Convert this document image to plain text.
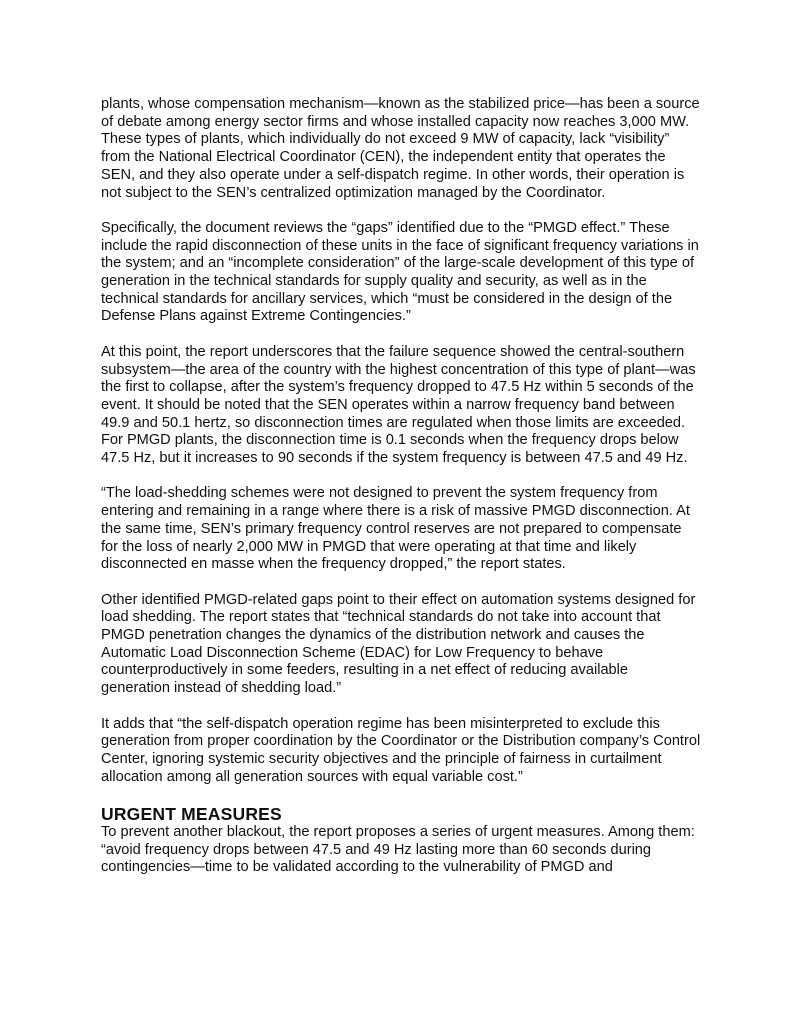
plants, whose compensation mechanism—known as the stabilized price—has been a source of debate among energy sector firms and whose installed capacity now reaches 3,000 MW. These types of plants, which individually do not exceed 9 MW of capacity, lack “visibility” from the National Electrical Coordinator (CEN), the independent entity that operates the SEN, and they also operate under a self-dispatch regime. In other words, their operation is not subject to the SEN’s centralized optimization managed by the Coordinator.

Specifically, the document reviews the “gaps” identified due to the “PMGD effect.” These include the rapid disconnection of these units in the face of significant frequency variations in the system; and an “incomplete consideration” of the large-scale development of this type of generation in the technical standards for supply quality and security, as well as in the technical standards for ancillary services, which “must be considered in the design of the Defense Plans against Extreme Contingencies.”

At this point, the report underscores that the failure sequence showed the central-southern subsystem—the area of the country with the highest concentration of this type of plant—was the first to collapse, after the system’s frequency dropped to 47.5 Hz within 5 seconds of the event. It should be noted that the SEN operates within a narrow frequency band between 49.9 and 50.1 hertz, so disconnection times are regulated when those limits are exceeded. For PMGD plants, the disconnection time is 0.1 seconds when the frequency drops below 47.5 Hz, but it increases to 90 seconds if the system frequency is between 47.5 and 49 Hz.

“The load-shedding schemes were not designed to prevent the system frequency from entering and remaining in a range where there is a risk of massive PMGD disconnection. At the same time, SEN’s primary frequency control reserves are not prepared to compensate for the loss of nearly 2,000 MW in PMGD that were operating at that time and likely disconnected en masse when the frequency dropped,” the report states.

Other identified PMGD-related gaps point to their effect on automation systems designed for load shedding. The report states that “technical standards do not take into account that PMGD penetration changes the dynamics of the distribution network and causes the Automatic Load Disconnection Scheme (EDAC) for Low Frequency to behave counterproductively in some feeders, resulting in a net effect of reducing available generation instead of shedding load.”

It adds that “the self-dispatch operation regime has been misinterpreted to exclude this generation from proper coordination by the Coordinator or the Distribution company’s Control Center, ignoring systemic security objectives and the principle of fairness in curtailment allocation among all generation sources with equal variable cost.”

URGENT MEASURES

To prevent another blackout, the report proposes a series of urgent measures. Among them: “avoid frequency drops between 47.5 and 49 Hz lasting more than 60 seconds during contingencies—time to be validated according to the vulnerability of PMGD and
